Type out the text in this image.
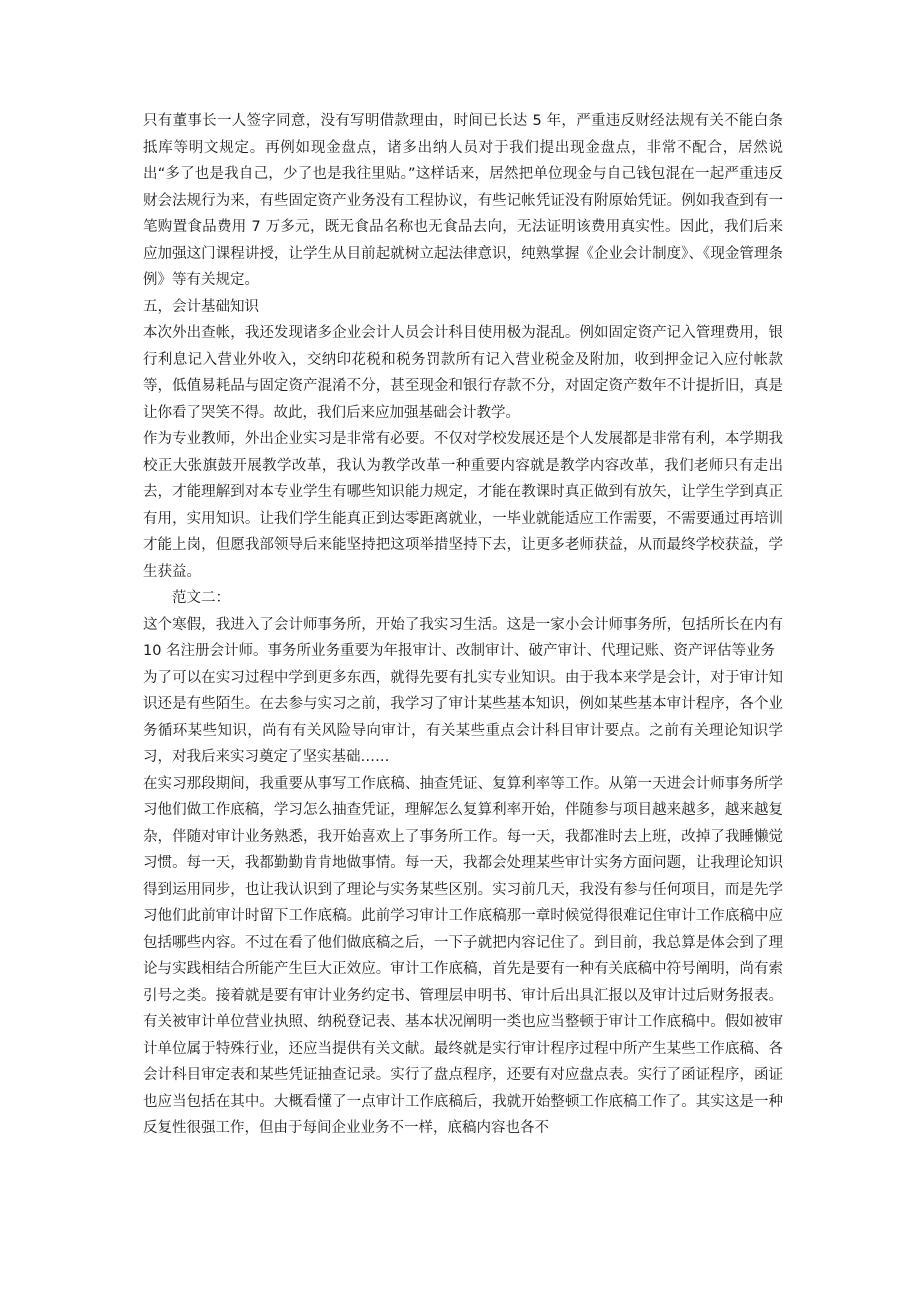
只有董事长一人签字同意，没有写明借款理由，时间已长达 5 年，严重违反财经法规有关不能白条抵库等明文规定。再例如现金盘点，诸多出纳人员对于我们提出现金盘点，非常不配合，居然说出“多了也是我自己，少了也是我往里贴。”这样话来，居然把单位现金与自己钱包混在一起严重违反财会法规行为来，有些固定资产业务没有工程协议，有些记帐凭证没有附原始凭证。例如我查到有一笔购置食品费用 7 万多元，既无食品名称也无食品去向，无法证明该费用真实性。因此，我们后来应加强这门课程讲授，让学生从目前起就树立起法律意识，纯熟掌握《企业会计制度》、《现金管理条例》等有关规定。

五，会计基础知识

本次外出查帐，我还发现诸多企业会计人员会计科目使用极为混乱。例如固定资产记入管理费用，银行利息记入营业外收入，交纳印花税和税务罚款所有记入营业税金及附加，收到押金记入应付帐款等，低值易耗品与固定资产混淆不分，甚至现金和银行存款不分，对固定资产数年不计提折旧，真是让你看了哭笑不得。故此，我们后来应加强基础会计教学。

作为专业教师，外出企业实习是非常有必要。不仅对学校发展还是个人发展都是非常有利，本学期我校正大张旗鼓开展教学改革，我认为教学改革一种重要内容就是教学内容改革，我们老师只有走出去，才能理解到对本专业学生有哪些知识能力规定，才能在教课时真正做到有放矢，让学生学到真正有用，实用知识。让我们学生能真正到达零距离就业，一毕业就能适应工作需要，不需要通过再培训才能上岗，但愿我部领导后来能坚持把这项举措坚持下去，让更多老师获益，从而最终学校获益，学生获益。

范文二：

这个寒假，我进入了会计师事务所，开始了我实习生活。这是一家小会计师事务所，包括所长在内有 10 名注册会计师。事务所业务重要为年报审计、改制审计、破产审计、代理记账、资产评估等业务

为了可以在实习过程中学到更多东西，就得先要有扎实专业知识。由于我本来学是会计，对于审计知识还是有些陌生。在去参与实习之前，我学习了审计某些基本知识，例如某些基本审计程序，各个业务循环某些知识，尚有有关风险导向审计，有关某些重点会计科目审计要点。之前有关理论知识学习，对我后来实习奠定了坚实基础……

在实习那段期间，我重要从事写工作底稿、抽查凭证、复算利率等工作。从第一天进会计师事务所学习他们做工作底稿，学习怎么抽查凭证，理解怎么复算利率开始，伴随参与项目越来越多，越来越复杂，伴随对审计业务熟悉，我开始喜欢上了事务所工作。每一天，我都准时去上班，改掉了我睡懒觉习惯。每一天，我都勤勤肯肯地做事情。每一天，我都会处理某些审计实务方面问题，让我理论知识得到运用同步，也让我认识到了理论与实务某些区别。实习前几天，我没有参与任何项目，而是先学习他们此前审计时留下工作底稿。此前学习审计工作底稿那一章时候觉得很难记住审计工作底稿中应包括哪些内容。不过在看了他们做底稿之后，一下子就把内容记住了。到目前，我总算是体会到了理论与实践相结合所能产生巨大正效应。审计工作底稿，首先是要有一种有关底稿中符号阐明，尚有索引号之类。接着就是要有审计业务约定书、管理层申明书、审计后出具汇报以及审计过后财务报表。有关被审计单位营业执照、纳税登记表、基本状况阐明一类也应当整顿于审计工作底稿中。假如被审计单位属于特殊行业，还应当提供有关文献。最终就是实行审计程序过程中所产生某些工作底稿、各会计科目审定表和某些凭证抽查记录。实行了盘点程序，还要有对应盘点表。实行了函证程序，函证也应当包括在其中。大概看懂了一点审计工作底稿后，我就开始整顿工作底稿工作了。其实这是一种反复性很强工作，但由于每间企业业务不一样，底稿内容也各不
